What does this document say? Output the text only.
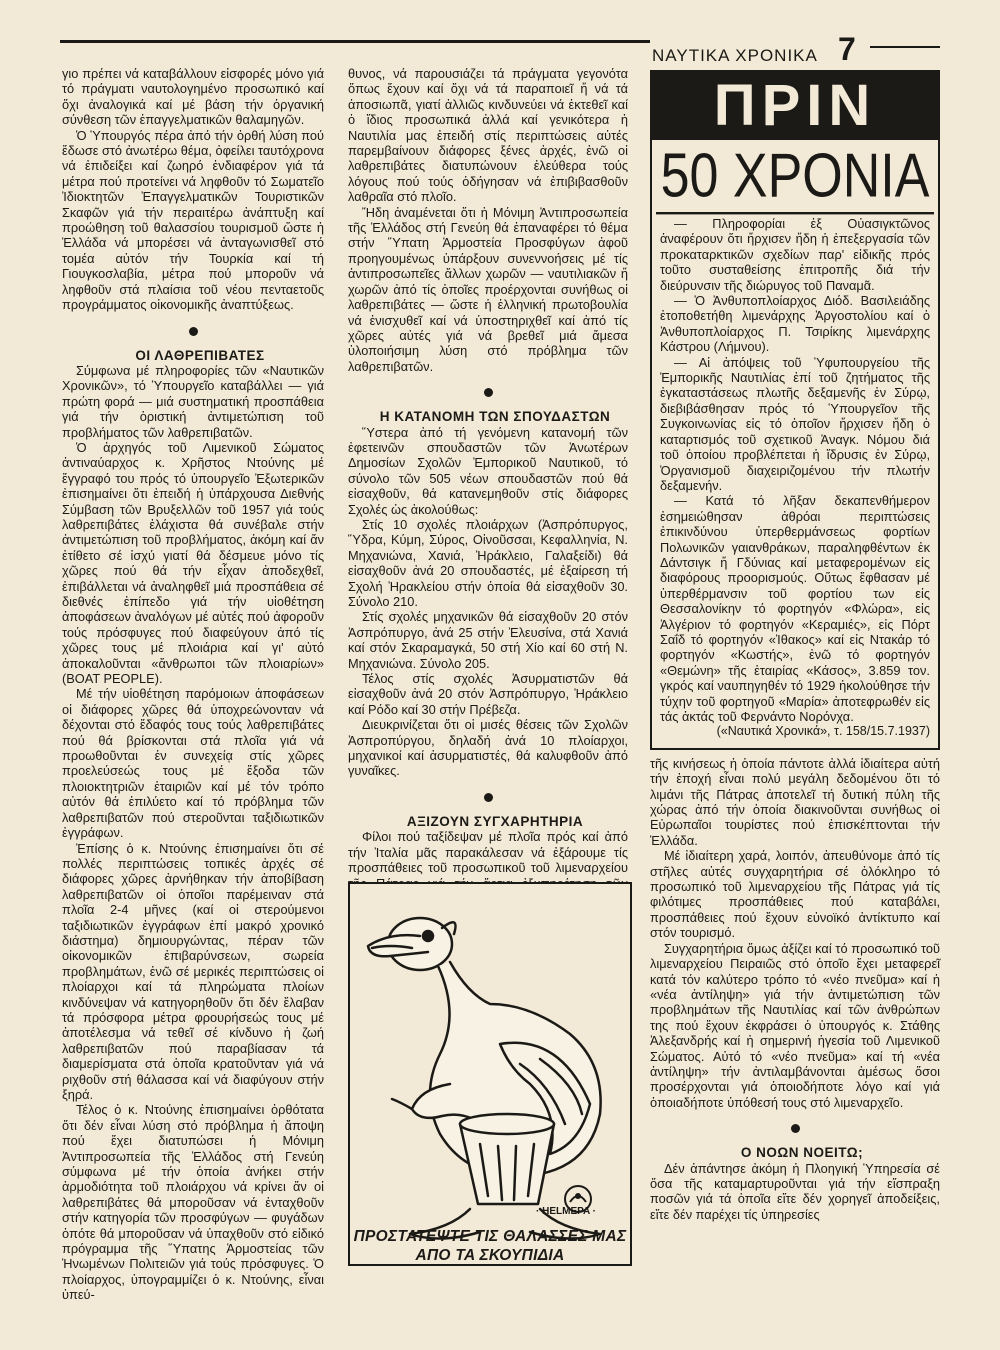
ΝΑΥΤΙΚΑ ΧΡΟΝΙΚΑ 7

γιο πρέπει νά καταβάλλουν εἰσφορές μόνο γιά τό πράγματι ναυτολογημένο προσωπικό καί ὄχι ἀναλογικά καί μέ βάση τήν ὀργανική σύνθεση τῶν ἐπαγγελματικῶν θαλαμηγῶν.

Ὁ Ὑπουργός πέρα ἀπό τήν ὀρθή λύση πού ἔδωσε στό ἀνωτέρω θέμα, ὀφείλει ταυτόχρονα νά ἐπιδείξει καί ζωηρό ἐνδιαφέρον γιά τά μέτρα πού προτείνει νά ληφθοῦν τό Σωματεῖο Ἰδιοκτητῶν Ἐπαγγελματικῶν Τουριστικῶν Σκαφῶν γιά τήν περαιτέρω ἀνάπτυξη καί προώθηση τοῦ θαλασσίου τουρισμοῦ ὥστε ἡ Ἑλλάδα νά μπορέσει νά ἀνταγωνισθεῖ στό τομέα αὐτόν τήν Τουρκία καί τή Γιουγκοσλαβία, μέτρα πού μποροῦν νά ληφθοῦν στά πλαίσια τοῦ νέου πενταετοῦς προγράμματος οἰκονομικῆς ἀναπτύξεως.

ΟΙ ΛΑΘΡΕΠΙΒΑΤΕΣ

Σύμφωνα μέ πληροφορίες τῶν «Ναυτικῶν Χρονικῶν», τό Ὑπουργεῖο καταβάλλει — γιά πρώτη φορά — μιά συστηματική προσπάθεια γιά τήν ὁριστική ἀντιμετώπιση τοῦ προβλήματος τῶν λαθρεπιβατῶν.

Ὁ ἀρχηγός τοῦ Λιμενικοῦ Σώματος ἀντιναύαρχος κ. Χρῆστος Ντούνης μέ ἔγγραφό του πρός τό ὑπουργεῖο Ἐξωτερικῶν ἐπισημαίνει ὅτι ἐπειδή ἡ ὑπάρχουσα Διεθνής Σύμβαση τῶν Βρυξελλῶν τοῦ 1957 γιά τούς λαθρεπιβάτες ἐλάχιστα θά συνέβαλε στήν ἀντιμετώπιση τοῦ προβλήματος, ἀκόμη καί ἄν ἐτίθετο σέ ἰσχύ γιατί θά δέσμευε μόνο τίς χῶρες πού θά τήν εἶχαν ἀποδεχθεῖ, ἐπιβάλλεται νά ἀναληφθεῖ μιά προσπάθεια σέ διεθνές ἐπίπεδο γιά τήν υἱοθέτηση ἀποφάσεων ἀναλόγων μέ αὐτές πού ἀφοροῦν τούς πρόσφυγες πού διαφεύγουν ἀπό τίς χῶρες τους μέ πλοιάρια καί γι' αὐτό ἀποκαλοῦνται «ἄνθρωποι τῶν πλοιαρίων» (BOAT PEOPLE).

Μέ τήν υἱοθέτηση παρόμοιων ἀποφάσεων οἱ διάφορες χῶρες θά ὑποχρεώνονταν νά δέχονται στό ἔδαφός τους τούς λαθρεπιβάτες πού θά βρίσκονται στά πλοῖα γιά νά προωθοῦνται ἐν συνεχείᾳ στίς χῶρες προελεύσεώς τους μέ ἔξοδα τῶν πλοιοκτητριῶν ἑταιριῶν καί μέ τόν τρόπο αὐτόν θά ἐπιλύετο καί τό πρόβλημα τῶν λαθρεπιβατῶν πού στεροῦνται ταξιδιωτικῶν ἐγγράφων.

Ἐπίσης ὁ κ. Ντούνης ἐπισημαίνει ὅτι σέ πολλές περιπτώσεις τοπικές ἀρχές σέ διάφορες χῶρες ἀρνήθηκαν τήν ἀποβίβαση λαθρεπιβατῶν οἱ ὁποῖοι παρέμειναν στά πλοῖα 2-4 μῆνες (καί οἱ στερούμενοι ταξιδιωτικῶν ἐγγράφων ἐπί μακρό χρονικό διάστημα) δημιουργώντας, πέραν τῶν οἰκονομικῶν ἐπιβαρύνσεων, σωρεία προβλημάτων, ἐνῶ σέ μερικές περιπτώσεις οἱ πλοίαρχοι καί τά πληρώματα πλοίων κινδύνεψαν νά κατηγορηθοῦν ὅτι δέν ἔλαβαν τά πρόσφορα μέτρα φρουρήσεώς τους μέ ἀποτέλεσμα νά τεθεῖ σέ κίνδυνο ἡ ζωή λαθρεπιβατῶν πού παραβίασαν τά διαμερίσματα στά ὁποῖα κρατοῦνταν γιά νά ριχθοῦν στή θάλασσα καί νά διαφύγουν στήν ξηρά.

Τέλος ὁ κ. Ντούνης ἐπισημαίνει ὀρθότατα ὅτι δέν εἶναι λύση στό πρόβλημα ἡ ἄποψη πού ἔχει διατυπώσει ἡ Μόνιμη Ἀντιπροσωπεία τῆς Ἑλλάδος στή Γενεύη σύμφωνα μέ τήν ὁποία ἀνήκει στήν ἁρμοδιότητα τοῦ πλοιάρχου νά κρίνει ἄν οἱ λαθρεπιβάτες θά μποροῦσαν νά ἐνταχθοῦν στήν κατηγορία τῶν προσφύγων — φυγάδων ὁπότε θά μποροῦσαν νά ὑπαχθοῦν στό εἰδικό πρόγραμμα τῆς Ὕπατης Ἁρμοστείας τῶν Ἡνωμένων Πολιτειῶν γιά τούς πρόσφυγες. Ὁ πλοίαρχος, ὑπογραμμίζει ὁ κ. Ντούνης, εἶναι ὑπεύ-

θυνος, νά παρουσιάζει τά πράγματα γεγονότα ὅπως ἔχουν καί ὄχι νά τά παραποιεῖ ἤ νά τά ἀποσιωπᾶ, γιατί ἀλλιῶς κινδυνεύει νά ἐκτεθεῖ καί ὁ ἴδιος προσωπικά ἀλλά καί γενικότερα ἡ Ναυτιλία μας ἐπειδή στίς περιπτώσεις αὐτές παρεμβαίνουν διάφορες ξένες ἀρχές, ἐνῶ οἱ λαθρεπιβάτες διατυπώνουν ἐλεύθερα τούς λόγους πού τούς ὁδήγησαν νά ἐπιβιβασθοῦν λαθραῖα στό πλοῖο.

Ἤδη ἀναμένεται ὅτι ἡ Μόνιμη Ἀντιπροσωπεία τῆς Ἑλλάδος στή Γενεύη θά ἐπαναφέρει τό θέμα στήν Ὕπατη Ἁρμοστεία Προσφύγων ἀφοῦ προηγουμένως ὑπάρξουν συνεννοήσεις μέ τίς ἀντιπροσωπεῖες ἄλλων χωρῶν — ναυτιλιακῶν ἤ χωρῶν ἀπό τίς ὁποῖες προέρχονται συνήθως οἱ λαθρεπιβάτες — ὥστε ἡ ἑλληνική πρωτοβουλία νά ἐνισχυθεῖ καί νά ὑποστηριχθεῖ καί ἀπό τίς χῶρες αὐτές γιά νά βρεθεῖ μιά ἄμεσα ὑλοποιήσιμη λύση στό πρόβλημα τῶν λαθρεπιβατῶν.

Η ΚΑΤΑΝΟΜΗ ΤΩΝ ΣΠΟΥΔΑΣΤΩΝ

Ὕστερα ἀπό τή γενόμενη κατανομή τῶν ἐφετεινῶν σπουδαστῶν τῶν Ἀνωτέρων Δημοσίων Σχολῶν Ἐμπορικοῦ Ναυτικοῦ, τό σύνολο τῶν 505 νέων σπουδαστῶν πού θά εἰσαχθοῦν, θά κατανεμηθοῦν στίς διάφορες Σχολές ὡς ἀκολούθως:

Στίς 10 σχολές πλοιάρχων (Ἀσπρόπυργος, Ὕδρα, Κύμη, Σύρος, Οἰνοῦσσαι, Κεφαλληνία, Ν. Μηχανιώνα, Χανιά, Ἡράκλειο, Γαλαξείδι) θά εἰσαχθοῦν ἀνά 20 σπουδαστές, μέ ἐξαίρεση τή Σχολή Ἡρακλείου στήν ὁποία θά εἰσαχθοῦν 30. Σύνολο 210.

Στίς σχολές μηχανικῶν θά εἰσαχθοῦν 20 στόν Ἀσπρόπυργο, ἀνά 25 στήν Ἐλευσίνα, στά Χανιά καί στόν Σκαραμαγκά, 50 στή Χίο καί 60 στή Ν. Μηχανιώνα. Σύνολο 205.

Τέλος στίς σχολές Ἀσυρματιστῶν θά εἰσαχθοῦν ἀνά 20 στόν Ἀσπρόπυργο, Ἡράκλειο καί Ρόδο καί 30 στήν Πρέβεζα.

Διευκρινίζεται ὅτι οἱ μισές θέσεις τῶν Σχολῶν Ἀσπροπύργου, δηλαδή ἀνά 10 πλοίαρχοι, μηχανικοί καί ἀσυρματιστές, θά καλυφθοῦν ἀπό γυναῖκες.

ΑΞΙΖΟΥΝ ΣΥΓΧΑΡΗΤΗΡΙΑ

Φίλοι πού ταξίδεψαν μέ πλοῖα πρός καί ἀπό τήν Ἰταλία μᾶς παρακάλεσαν νά ἐξάρουμε τίς προσπάθειες τοῦ προσωπικοῦ τοῦ λιμεναρχείου

· HELMEPA ·
ΠΡΟΣΤΑΤΕΨΤΕ ΤΙΣ ΘΑΛΑΣΣΕΣ ΜΑΣ
ΑΠΟ ΤΑ ΣΚΟΥΠΙΔΙΑ
ΠΡΙΝ
50 ΧΡΟΝΙΑ

— Πληροφορίαι ἐξ Οὐασιγκτῶνος ἀναφέρουν ὅτι ἤρχισεν ἤδη ἡ ἐπεξεργασία τῶν προκαταρκτικῶν σχεδίων παρ' εἰδικῆς πρός τοῦτο συσταθείσης ἐπιτροπῆς διά τήν διεύρυνσιν τῆς διώρυγος τοῦ Παναμᾶ.

— Ὁ Ἀνθυποπλοίαρχος Διόδ. Βασιλειάδης ἐτοποθετήθη λιμενάρχης Ἀργοστολίου καί ὁ Ἀνθυποπλοίαρχος Π. Τσιρίκης λιμενάρχης Κάστρου (Λήμνου).

— Αἱ ἀπόψεις τοῦ Ὑφυπουργείου τῆς Ἐμπορικῆς Ναυτιλίας ἐπί τοῦ ζητήματος τῆς ἐγκαταστάσεως πλωτῆς δεξαμενῆς ἐν Σύρῳ, διεβιβάσθησαν πρός τό Ὑπουργεῖον τῆς Συγκοινωνίας εἰς τό ὁποῖον ἤρχισεν ἤδη ὁ καταρτισμός τοῦ σχετικοῦ Ἀναγκ. Νόμου διά τοῦ ὁποίου προβλέπεται ἡ ἵδρυσις ἐν Σύρῳ, Ὀργανισμοῦ διαχειριζομένου τήν πλωτήν δεξαμενήν.

— Κατά τό λῆξαν δεκαπενθήμερον ἐσημειώθησαν ἀθρόαι περιπτώσεις ἐπικινδύνου ὑπερθερμάνσεως φορτίων Πολωνικῶν γαιανθράκων, παραληφθέντων ἐκ Δάντσιγκ ἤ Γδύνιας καί μεταφερομένων εἰς διαφόρους προορισμούς. Οὕτως ἔφθασαν μέ ὑπερθέρμανσιν τοῦ φορτίου των εἰς Θεσσαλονίκην τό φορτηγόν «Φλώρα», εἰς Ἀλγέριον τό φορτηγόν «Κεραμιές», εἰς Πόρτ Σαΐδ τό φορτηγόν «Ἰθακος» καί εἰς Ντακάρ τό φορτηγόν «Κωστής», ἐνῶ τό φορτηγόν «Θεμώνη» τῆς ἑταιρίας «Κάσος», 3.859 τον. γκρός καί ναυπηγηθέν τό 1929 ἠκολούθησε τήν τύχην τοῦ φορτηγοῦ «Μαρία» ἀποτεφρωθέν εἰς τάς ἀκτάς τοῦ Φερνάντο Νορόνχα.

(«Ναυτικά Χρονικά», τ. 158/15.7.1937)

τῆς κινήσεως ἡ ὁποία πάντοτε ἀλλά ἰδιαίτερα αὐτή τήν ἐποχή εἶναι πολύ μεγάλη δεδομένου ὅτι τό λιμάνι τῆς Πάτρας ἀποτελεῖ τή δυτική πύλη τῆς χώρας ἀπό τήν ὁποία διακινοῦνται συνήθως οἱ Εὐρωπαῖοι τουρίστες πού ἐπισκέπτονται τήν Ἑλλάδα.

Μέ ἰδιαίτερη χαρά, λοιπόν, ἀπευθύνομε ἀπό τίς στῆλες αὐτές συγχαρητήρια σέ ὁλόκληρο τό προσωπικό τοῦ λιμεναρχείου τῆς Πάτρας γιά τίς φιλότιμες προσπάθειες πού καταβάλει, προσπάθειες πού ἔχουν εὐνοϊκό ἀντίκτυπο καί στόν τουρισμό.

Συγχαρητήρια ὅμως ἀξίζει καί τό προσωπικό τοῦ λιμεναρχείου Πειραιῶς στό ὁποῖο ἔχει μεταφερεῖ κατά τόν καλύτερο τρόπο τό «νέο πνεῦμα» καί ἡ «νέα ἀντίληψη» γιά τήν ἀντιμετώπιση τῶν προβλημάτων τῆς Ναυτιλίας καί τῶν ἀνθρώπων της πού ἔχουν ἐκφράσει ὁ ὑπουργός κ. Στάθης Ἀλεξανδρής καί ἡ σημερινή ἡγεσία τοῦ Λιμενικοῦ Σώματος. Αὐτό τό «νέο πνεῦμα» καί τή «νέα ἀντίληψη» τήν ἀντιλαμβάνονται ἀμέσως ὅσοι προσέρχονται γιά ὁποιοδήποτε λόγο καί γιά ὁποιαδήποτε ὑπόθεσή τους στό λιμεναρχεῖο.

Ο ΝΟΩΝ ΝΟΕΙΤΩ;

Δέν ἀπάντησε ἀκόμη ἡ Πλοηγική Ὑπηρεσία σέ ὅσα τῆς καταμαρτυροῦνται γιά τήν εἴσπραξη ποσῶν γιά τά ὁποῖα εἴτε δέν χορηγεῖ ἀποδείξεις, εἴτε δέν παρέχει τίς ὑπηρεσίες
